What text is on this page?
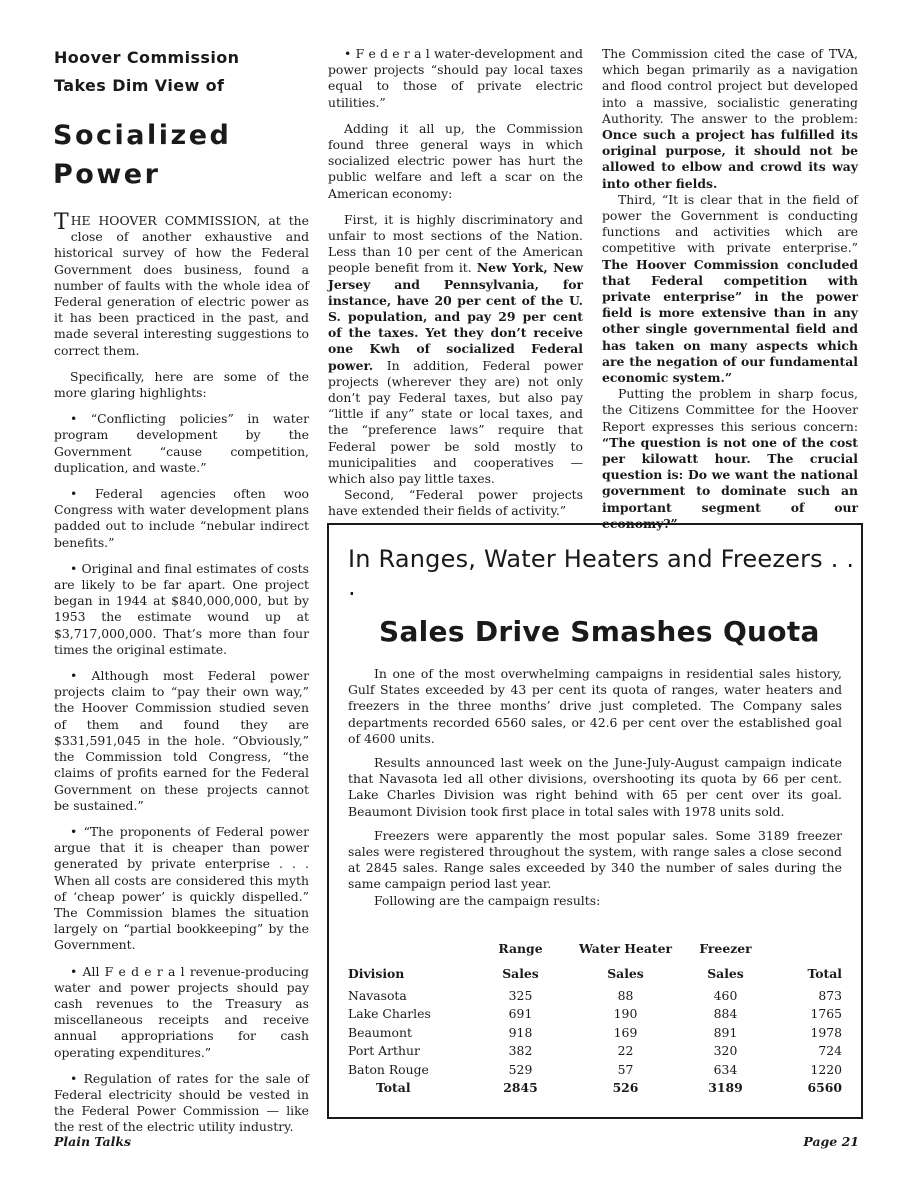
Hoover Commission
Takes Dim View of
Socialized
Power

THE HOOVER COMMISSION, at the close of another exhaustive and historical survey of how the Federal Government does business, found a number of faults with the whole idea of Federal generation of electric power as it has been practiced in the past, and made several interesting suggestions to correct them.

Specifically, here are some of the more glaring highlights:

• “Conflicting policies” in water program development by the Government “cause competition, duplication, and waste.”

• Federal agencies often woo Congress with water development plans padded out to include “nebular indirect benefits.”

• Original and final estimates of costs are likely to be far apart. One project began in 1944 at $840,000,000, but by 1953 the estimate wound up at $3,717,000,000. That’s more than four times the original estimate.

• Although most Federal power projects claim to “pay their own way,” the Hoover Commission studied seven of them and found they are $331,591,045 in the hole. “Obviously,” the Commission told Congress, “the claims of profits earned for the Federal Government on these projects cannot be sustained.”

• “The proponents of Federal power argue that it is cheaper than power generated by private enterprise . . . When all costs are considered this myth of ‘cheap power’ is quickly dispelled.” The Commission blames the situation largely on “partial bookkeeping” by the Government.

• All F e d e r a l revenue-producing water and power projects should pay cash revenues to the Treasury as miscellaneous receipts and receive annual appropriations for cash operating expenditures.”

• Regulation of rates for the sale of Federal electricity should be vested in the Federal Power Commission — like the rest of the electric utility industry.

• F e d e r a l water-development and power projects “should pay local taxes equal to those of private electric utilities.”

Adding it all up, the Commission found three general ways in which socialized electric power has hurt the public welfare and left a scar on the American economy:

First, it is highly discriminatory and unfair to most sections of the Nation. Less than 10 per cent of the American people benefit from it. New York, New Jersey and Pennsylvania, for instance, have 20 per cent of the U. S. population, and pay 29 per cent of the taxes. Yet they don’t receive one Kwh of socialized Federal power. In addition, Federal power projects (wherever they are) not only don’t pay Federal taxes, but also pay “little if any” state or local taxes, and the “preference laws” require that Federal power be sold mostly to municipalities and cooperatives — which also pay little taxes.

Second, “Federal power projects have extended their fields of activity.”

The Commission cited the case of TVA, which began primarily as a navigation and flood control project but developed into a massive, socialistic generating Authority. The answer to the problem: Once such a project has fulfilled its original purpose, it should not be allowed to elbow and crowd its way into other fields.

Third, “It is clear that in the field of power the Government is conducting functions and activities which are competitive with private enterprise.” The Hoover Commission concluded that Federal competition with private enterprise” in the power field is more extensive than in any other single governmental field and has taken on many aspects which are the negation of our fundamental economic system.”

Putting the problem in sharp focus, the Citizens Committee for the Hoover Report expresses this serious concern: “The question is not one of the cost per kilowatt hour. The crucial question is: Do we want the national government to dominate such an important segment of our economy?”

In Ranges, Water Heaters and Freezers . . .
Sales Drive Smashes Quota

In one of the most overwhelming campaigns in residential sales history, Gulf States exceeded by 43 per cent its quota of ranges, water heaters and freezers in the three months’ drive just completed. The Company sales departments recorded 6560 sales, or 42.6 per cent over the established goal of 4600 units.

Results announced last week on the June-July-August campaign indicate that Navasota led all other divisions, overshooting its quota by 66 per cent. Lake Charles Division was right behind with 65 per cent over its goal. Beaumont Division took first place in total sales with 1978 units sold.

Freezers were apparently the most popular sales. Some 3189 freezer sales were registered throughout the system, with range sales a close second at 2845 sales. Range sales exceeded by 340 the number of sales during the same campaign period last year.

Following are the campaign results:

	Range	Water Heater	Freezer	
Division	Sales	Sales	Sales	Total
Navasota	325	88	460	873
Lake Charles	691	190	884	1765
Beaumont	918	169	891	1978
Port Arthur	382	22	320	724
Baton Rouge	529	57	634	1220
Total	2845	526	3189	6560
Plain Talks	Page 21
